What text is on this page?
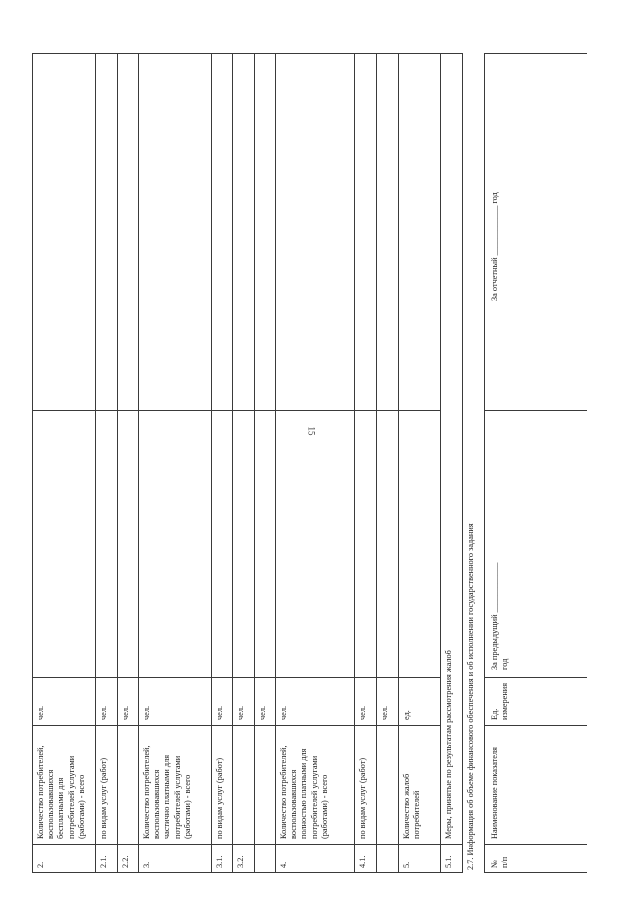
15
2.
Количество потребителей,
воспользовавшихся
бесплатными для
потребителей услугами
(работами) - всего
чел.
2.1.
по видам услуг (работ)
чел.
2.2.
чел.
3.
Количество потребителей,
воспользовавшихся
частично платными для
потребителей услугами
(работами) - всего
чел.
3.1.
по видам услуг (работ)
чел.
3.2.
чел. чел.
4.
Количество потребителей,
воспользовавшихся
полностью платными для
потребителей услугами
(работами) - всего
чел.
4.1.
по видам услуг (работ)
чел. чел.
5.
Количество жалоб
потребителей
ед.
5.1.
Меры, принятые по результатам рассмотрения жалоб 2.7. Информация об объеме финансового обеспечения и об исполнении государственного задания №
п/п
Наименование показателя
Ед.
измерения
За предыдущий ____________
год
За отчетный ____________ год
